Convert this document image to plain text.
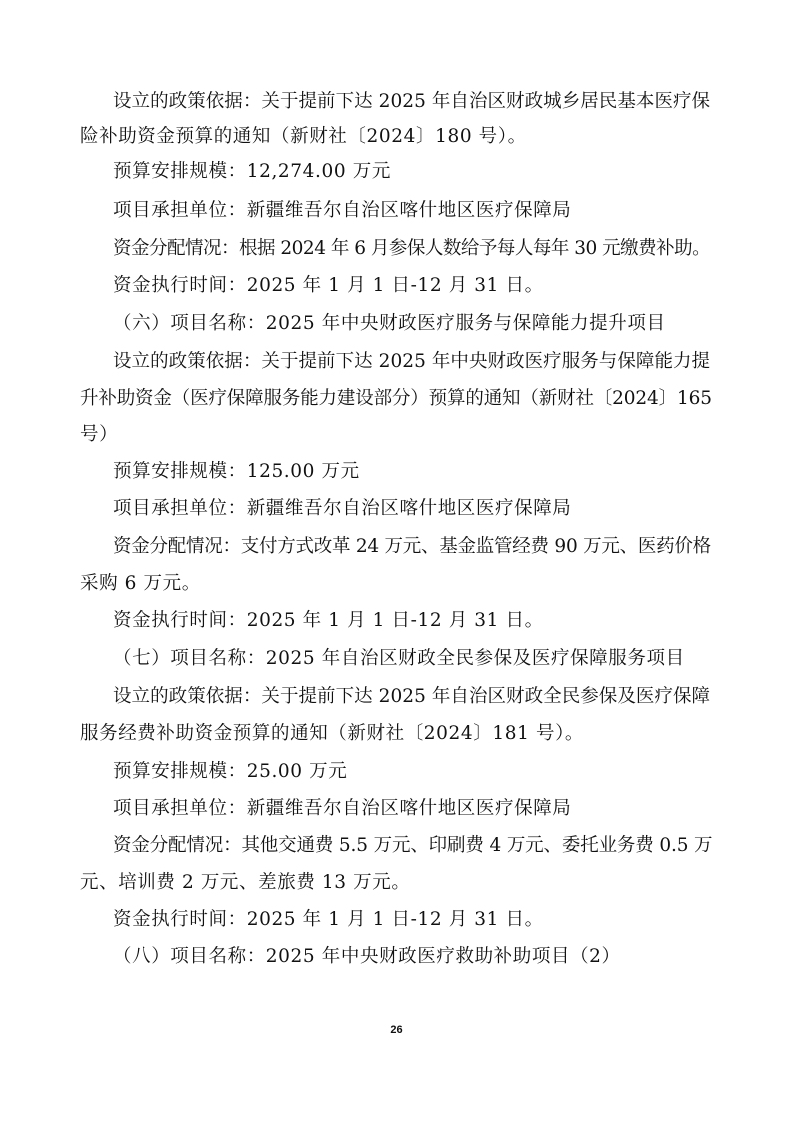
设立的政策依据：关于提前下达 2025 年自治区财政城乡居民基本医疗保

险补助资金预算的通知（新财社〔2024〕180 号）。

预算安排规模：12,274.00 万元

项目承担单位：新疆维吾尔自治区喀什地区医疗保障局

资金分配情况：根据 2024 年 6 月参保人数给予每人每年 30 元缴费补助。

资金执行时间：2025 年 1 月 1 日-12 月 31 日。

（六）项目名称：2025 年中央财政医疗服务与保障能力提升项目

设立的政策依据：关于提前下达 2025 年中央财政医疗服务与保障能力提

升补助资金（医疗保障服务能力建设部分）预算的通知（新财社〔2024〕165

号）

预算安排规模：125.00 万元

项目承担单位：新疆维吾尔自治区喀什地区医疗保障局

资金分配情况：支付方式改革 24 万元、基金监管经费 90 万元、医药价格

采购 6 万元。

资金执行时间：2025 年 1 月 1 日-12 月 31 日。

（七）项目名称：2025 年自治区财政全民参保及医疗保障服务项目

设立的政策依据：关于提前下达 2025 年自治区财政全民参保及医疗保障

服务经费补助资金预算的通知（新财社〔2024〕181 号）。

预算安排规模：25.00 万元

项目承担单位：新疆维吾尔自治区喀什地区医疗保障局

资金分配情况：其他交通费 5.5 万元、印刷费 4 万元、委托业务费 0.5 万

元、培训费 2 万元、差旅费 13 万元。

资金执行时间：2025 年 1 月 1 日-12 月 31 日。

（八）项目名称：2025 年中央财政医疗救助补助项目（2）

26
